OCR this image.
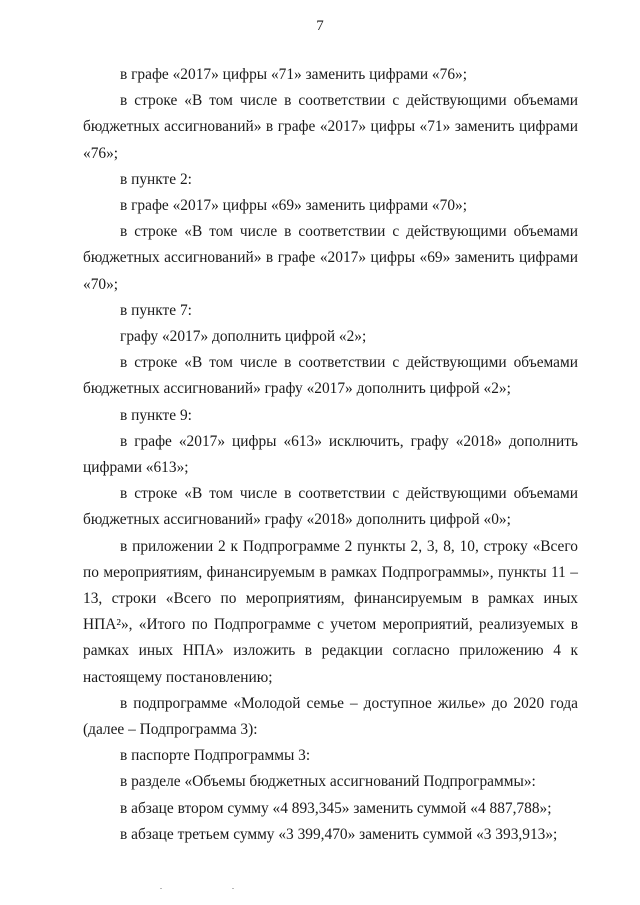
7

в графе «2017» цифры «71» заменить цифрами «76»;

в строке «В том числе в соответствии с действующими объемами бюджетных ассигнований» в графе «2017» цифры «71» заменить цифрами «76»;

в пункте 2:

в графе «2017» цифры «69» заменить цифрами «70»;

в строке «В том числе в соответствии с действующими объемами бюджетных ассигнований» в графе «2017» цифры «69» заменить цифрами «70»;

в пункте 7:

графу «2017» дополнить цифрой «2»;

в строке «В том числе в соответствии с действующими объемами бюджетных ассигнований» графу «2017» дополнить цифрой «2»;

в пункте 9:

в графе «2017» цифры «613» исключить, графу «2018» дополнить цифрами «613»;

в строке «В том числе в соответствии с действующими объемами бюджетных ассигнований» графу «2018» дополнить цифрой «0»;

в приложении 2 к Подпрограмме 2 пункты 2, 3, 8, 10, строку «Всего по мероприятиям, финансируемым в рамках Подпрограммы», пункты 11 – 13, строки «Всего по мероприятиям, финансируемым в рамках иных НПА²», «Итого по Подпрограмме с учетом мероприятий, реализуемых в рамках иных НПА» изложить в редакции согласно приложению 4 к настоящему постановлению;

в подпрограмме «Молодой семье – доступное жилье» до 2020 года (далее – Подпрограмма 3):

в паспорте Подпрограммы 3:

в разделе «Объемы бюджетных ассигнований Подпрограммы»:

в абзаце втором сумму «4 893,345» заменить суммой «4 887,788»;

в абзаце третьем сумму «3 399,470» заменить суммой «3 393,913»;
